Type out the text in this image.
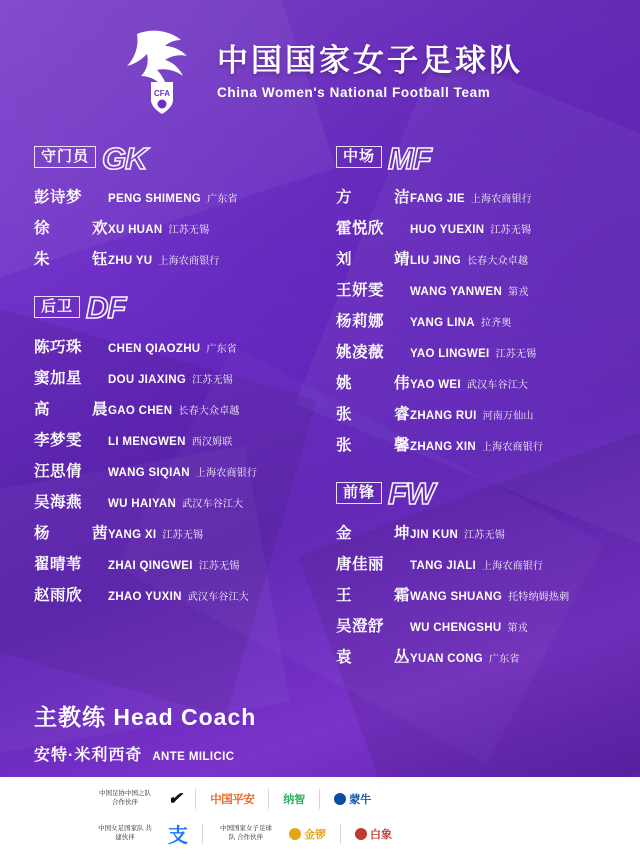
CFA
中国国家女子足球队
China Women's National Football Team
守门员 GK
彭 诗 梦 PENG SHIMENG 广东省
徐	欢 XU HUAN 江苏无锡
朱	钰 ZHU YU 上海农商银行
后卫 DF
陈 巧 珠 CHEN QIAOZHU 广东省
窦 加 星 DOU JIAXING 江苏无锡
高	晨 GAO CHEN 长春大众卓越
李 梦 雯 LI MENGWEN 西汉姆联
汪 思 倩 WANG SIQIAN 上海农商银行
吴 海 燕 WU HAIYAN 武汉车谷江大
杨	茜 YANG XI 江苏无锡
翟 晴 苇 ZHAI QINGWEI 江苏无锡
赵 雨 欣 ZHAO YUXIN 武汉车谷江大
中场 MF
方	洁 FANG JIE 上海农商银行
霍 悦 欣 HUO YUEXIN 江苏无锡
刘	靖 LIU JING 长春大众卓越
王 妍 雯 WANG YANWEN 第戎
杨 莉 娜 YANG LINA 拉齐奥
姚 凌 薇 YAO LINGWEI 江苏无锡
姚	伟 YAO WEI 武汉车谷江大
张	睿 ZHANG RUI 河南万仙山
张	馨 ZHANG XIN 上海农商银行
前锋 FW
金	坤 JIN KUN 江苏无锡
唐 佳 丽 TANG JIALI 上海农商银行
王	霜 WANG SHUANG 托特纳姆热刺
吴 澄 舒 WU CHENGSHU 第戎
袁	丛 YUAN CONG 广东省
主教练 Head Coach
安特·米利西奇 ANTE MILICIC
中国足协中国之队 合作伙伴	✔	中国平安	纳智	蒙牛
中国女足国家队 共建伙伴	支	中国国家女子足球队 合作伙伴	金锣	白象
